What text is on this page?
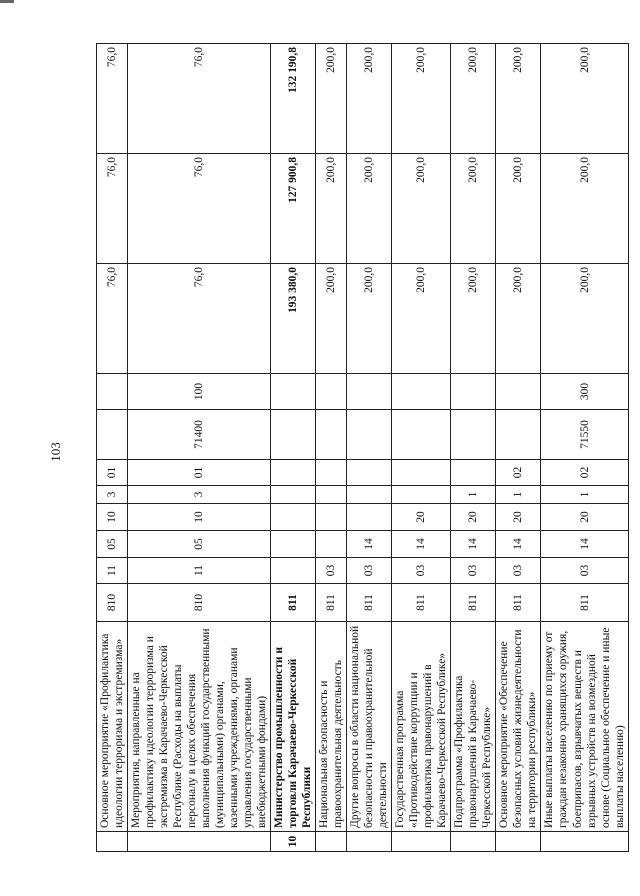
103
	Основное мероприятие «Профилактика идеологии терроризма и экстремизма»	810	11	05	10	3	01			76,0	76,0	76,0
	Мероприятия, направленные на профилактику идеологии терроризма и экстремизма в Карачаево-Черкесской Республике (Расходы на выплаты персоналу в целях обеспечения выполнения функций государственными (муниципальными) органами, казенными учреждениями, органами управления государственными внебюджетными фондами)	810	11	05	10	3	01	71400	100	76,0	76,0	76,0
10	Министерство промышленности и торговли Карачаево-Черкесской Республики	811								193 380,0	127 900,8	132 190,8
	Национальная безопасность и правоохранительная деятельность	811	03							200,0	200,0	200,0
	Другие вопросы в области национальной безопасности и правоохранительной деятельности	811	03	14						200,0	200,0	200,0
	Государственная программа «Противодействие коррупции и профилактика правонарушений в Карачаево-Черкесской Республике»	811	03	14	20					200,0	200,0	200,0
	Подпрограмма «Профилактика правонарушений в Карачаево-Черкесской Республике»	811	03	14	20	1				200,0	200,0	200,0
	Основное мероприятие «Обеспечение безопасных условий жизнедеятельности на территории республики»	811	03	14	20	1	02			200,0	200,0	200,0
	Иные выплаты населению по приему от граждан незаконно хранящихся оружия, боеприпасов, взрывчатых веществ и взрывных устройств на возмездной основе (Социальное обеспечение и иные выплаты населению)	811	03	14	20	1	02	71550	300	200,0	200,0	200,0
